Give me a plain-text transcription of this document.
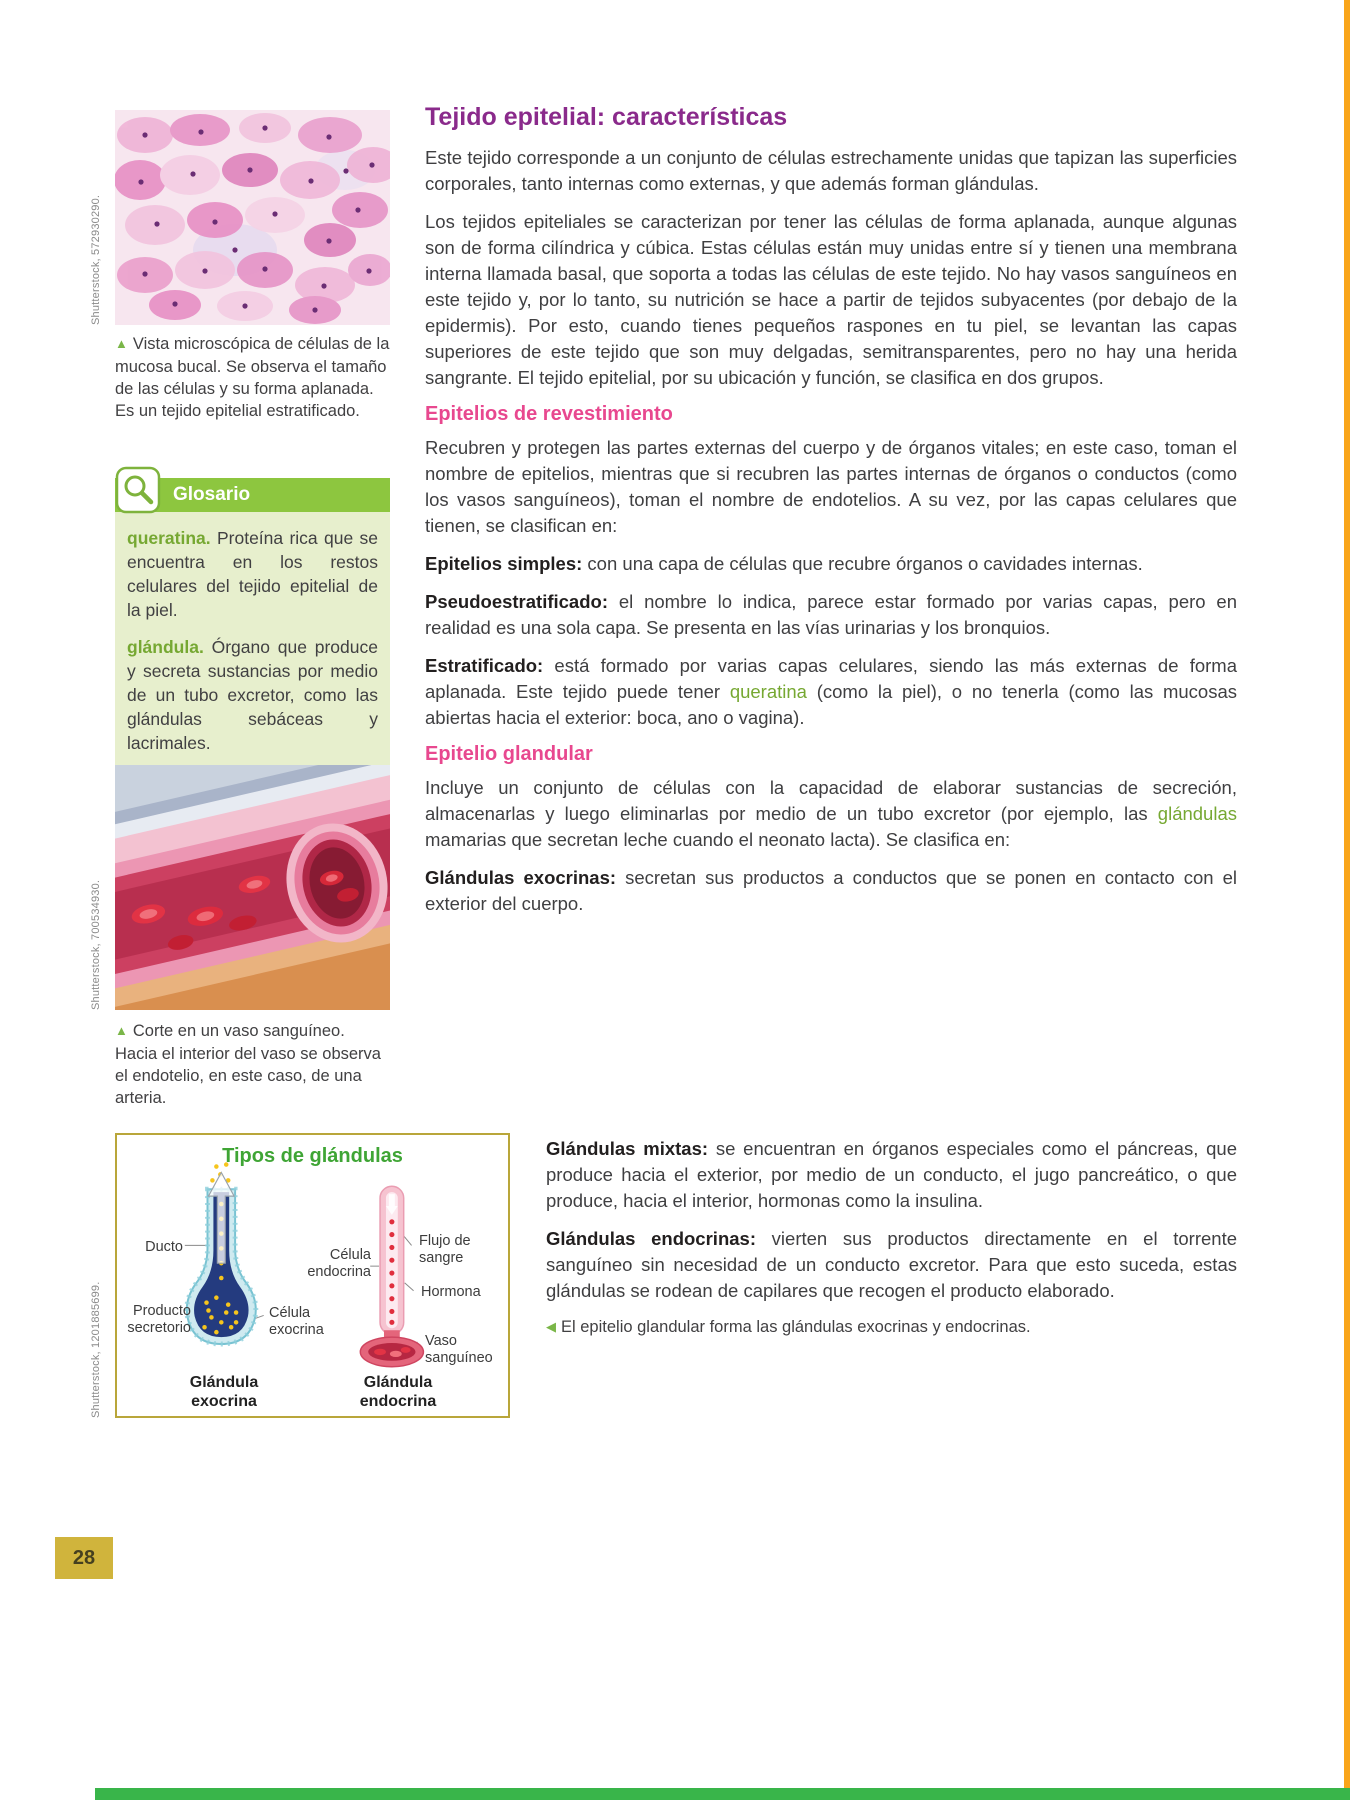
28
Shutterstock, 572930290.
Shutterstock, 700534930.
Shutterstock, 1201885699.
▲ Vista microscópica de células de la mucosa bucal. Se observa el tamaño de las células y su forma aplanada. Es un tejido epitelial estratificado.
Glosario

queratina. Proteína rica que se encuentra en los restos celulares del tejido epitelial de la piel.

glándula. Órgano que produce y secreta sustancias por medio de un tubo excretor, como las glándulas sebáceas y lacrimales.

▲ Corte en un vaso sanguíneo. Hacia el interior del vaso se observa el endotelio, en este caso, de una arteria.
Tipos de glándulas
Ducto
Producto secretorio
Célula exocrina
Célula endocrina
Flujo de sangre
Hormona
Vaso sanguíneo
Glándula exocrina
Glándula endocrina
Tejido epitelial: características

Este tejido corresponde a un conjunto de células estrechamente unidas que tapizan las superficies corporales, tanto internas como externas, y que además forman glándulas.

Los tejidos epiteliales se caracterizan por tener las células de forma aplanada, aunque algunas son de forma cilíndrica y cúbica. Estas células están muy unidas entre sí y tienen una membrana interna llamada basal, que soporta a todas las células de este tejido. No hay vasos sanguíneos en este tejido y, por lo tanto, su nutrición se hace a partir de tejidos subyacentes (por debajo de la epidermis). Por esto, cuando tienes pequeños raspones en tu piel, se levantan las capas superiores de este tejido que son muy delgadas, semitransparentes, pero no hay una herida sangrante. El tejido epitelial, por su ubicación y función, se clasifica en dos grupos.

Epitelios de revestimiento

Recubren y protegen las partes externas del cuerpo y de órganos vitales; en este caso, toman el nombre de epitelios, mientras que si recubren las partes internas de órganos o conductos (como los vasos sanguíneos), toman el nombre de endotelios. A su vez, por las capas celulares que tienen, se clasifican en:

Epitelios simples: con una capa de células que recubre órganos o cavidades internas.

Pseudoestratificado: el nombre lo indica, parece estar formado por varias capas, pero en realidad es una sola capa. Se presenta en las vías urinarias y los bronquios.

Estratificado: está formado por varias capas celulares, siendo las más externas de forma aplanada. Este tejido puede tener queratina (como la piel), o no tenerla (como las mucosas abiertas hacia el exterior: boca, ano o vagina).

Epitelio glandular

Incluye un conjunto de células con la capacidad de elaborar sustancias de secreción, almacenarlas y luego eliminarlas por medio de un tubo excretor (por ejemplo, las glándulas mamarias que secretan leche cuando el neonato lacta). Se clasifica en:

Glándulas exocrinas: secretan sus productos a conductos que se ponen en contacto con el exterior del cuerpo.

Glándulas mixtas: se encuentran en órganos especiales como el páncreas, que produce hacia el exterior, por medio de un conducto, el jugo pancreático, o que produce, hacia el interior, hormonas como la insulina.

Glándulas endocrinas: vierten sus productos directamente en el torrente sanguíneo sin necesidad de un conducto excretor. Para que esto suceda, estas glándulas se rodean de capilares que recogen el producto elaborado.

◀ El epitelio glandular forma las glándulas exocrinas y endocrinas.
